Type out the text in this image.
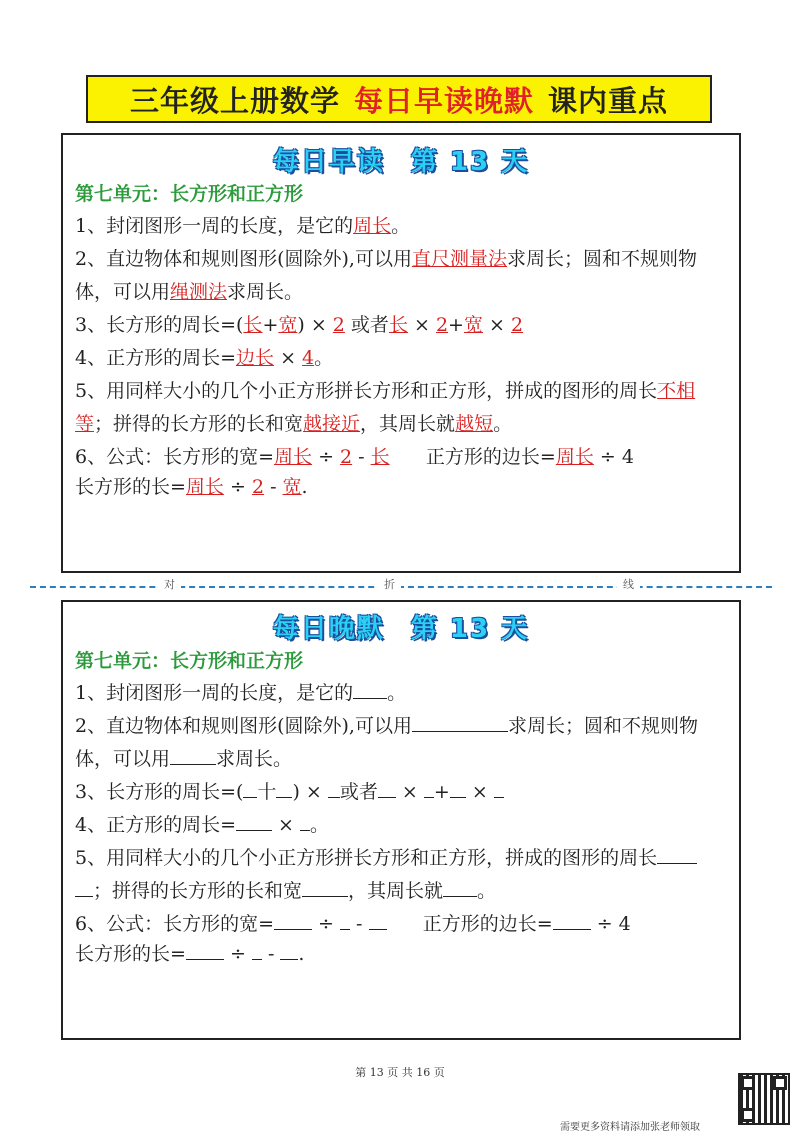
三年级上册数学 每日早读晚默 课内重点
每日早读 第 13 天
第七单元：长方形和正方形
1、封闭图形一周的长度，是它的周长。
2、直边物体和规则图形(圆除外),可以用直尺测量法求周长；圆和不规则物
体，可以用绳测法求周长。
3、长方形的周长=(长+宽) × 2 或者长 × 2+宽 × 2
4、正方形的周长=边长 × 4。
5、用同样大小的几个小正方形拼长方形和正方形，拼成的图形的周长不相
等；拼得的长方形的长和宽越接近，其周长就越短。
6、公式：长方形的宽=周长 ÷ 2 - 长      正方形的边长=周长 ÷ 4
长方形的长=周长 ÷ 2 - 宽.
对	折	线
每日晚默 第 13 天
第七单元：长方形和正方形
1、封闭图形一周的长度，是它的 。
2、直边物体和规则图形(圆除外),可以用	求周长；圆和不规则物
体，可以用 求周长。
3、长方形的周长=( 十 ) × 或者 × + ×
4、正方形的周长= × 。
5、用同样大小的几个小正方形拼长方形和正方形，拼成的图形的周长
；拼得的长方形的长和宽 ，其周长就 。
6、公式：长方形的宽= ÷  -       正方形的边长= ÷ 4
长方形的长= ÷  - .
第 13 页 共 16 页
需要更多资料请添加张老师领取
